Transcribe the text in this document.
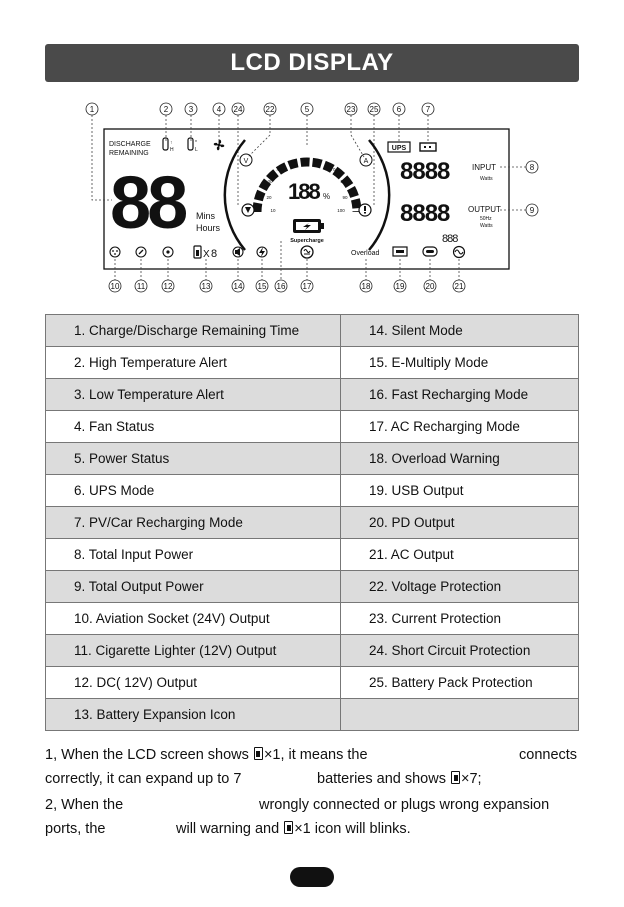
LCD DISPLAY
1	2	3	4 24	22	5	23 25 6	7
8
9
10 11 12	13	14 15 16 17	18	19	20	21
DISCHARGE
REMAINING
↑
H
*
L
88 Mins
Hours
10
20
30
40
50	60
70
80
90
100
188 %
V	A
Supercharge
UPS
8888	INPUT
Watts
8888 OUTPUT
50Hz
Watts
888
X 8	Overload
1. Charge/Discharge Remaining Time	14. Silent Mode
2. High Temperature Alert	15. E-Multiply Mode
3. Low Temperature Alert	16. Fast Recharging Mode
4. Fan Status	17. AC Recharging Mode
5. Power Status	18. Overload Warning
6. UPS Mode	19. USB Output
7. PV/Car Recharging Mode	20. PD Output
8. Total Input Power	21. AC Output
9. Total Output Power	22. Voltage Protection
10. Aviation Socket (24V) Output	23. Current Protection
11. Cigarette Lighter (12V) Output	24. Short Circuit Protection
12. DC( 12V) Output	25. Battery Pack Protection
13. Battery Expansion Icon	
1, When the LCD screen shows ×1, it means the	connects
correctly, it can expand up to 7	batteries and shows ×7;
2, When the	wrongly connected or plugs wrong expansion
ports, the	will warning and ×1 icon will blinks.
